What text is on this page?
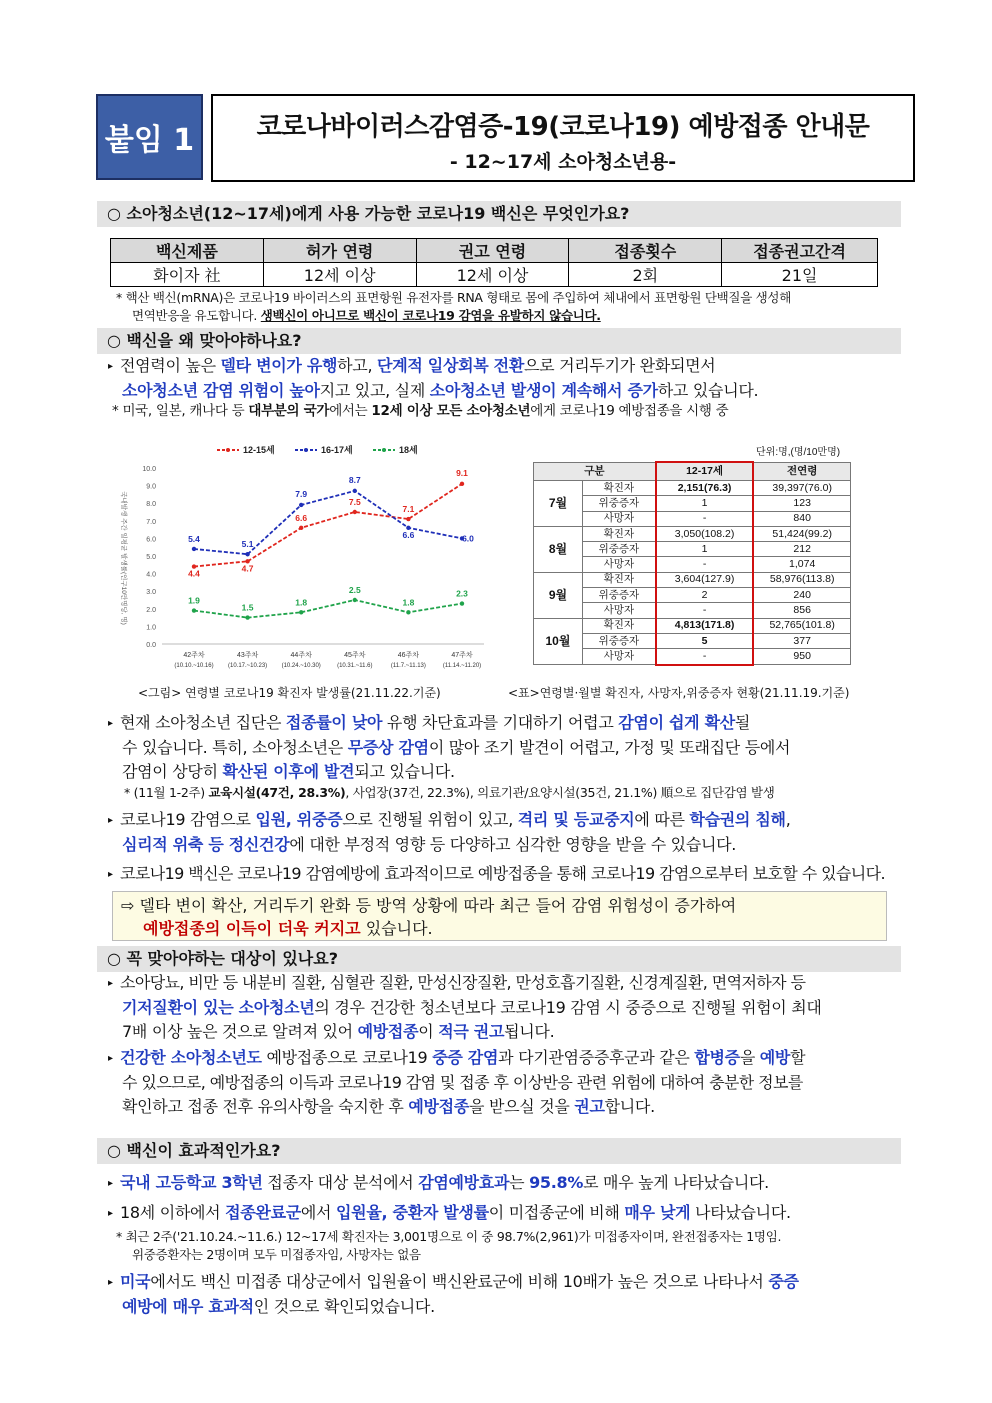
붙임 1	코로나바이러스감염증-19(코로나19) 예방접종 안내문
- 12~17세 소아청소년용-
○ 소아청소년(12~17세)에게 사용 가능한 코로나19 백신은 무엇인가요?
백신제품	허가 연령	권고 연령	접종횟수	접종권고간격
화이자 社	12세 이상	12세 이상	2회	21일
* 핵산 백신(mRNA)은 코로나19 바이러스의 표면항원 유전자를 RNA 형태로 몸에 주입하여 체내에서 표면항원 단백질을 생성해
면역반응을 유도합니다. 생백신이 아니므로 백신이 코로나19 감염을 유발하지 않습니다.
○ 백신을 왜 맞아야하나요?
▸ 전염력이 높은 델타 변이가 유행하고, 단계적 일상회복 전환으로 거리두기가 완화되면서
소아청소년 감염 위험이 높아지고 있고, 실제 소아청소년 발생이 계속해서 증가하고 있습니다.
* 미국, 일본, 캐나다 등 대부분의 국가에서는 12세 이상 모든 소아청소년에게 코로나19 예방접종을 시행 중
0.0
1.0
2.0
3.0
4.0
5.0
6.0
7.0
8.0
9.0
10.0
국내발생 주간 일평균 발생률(인구10만명당, 명)
42주차
(10.10.~10.16)
43주차
(10.17.~10.23)
44주차
(10.24.~10.30)
45주차
(10.31.~11.6)
46주차
(11.7.~11.13)
47주차
(11.14.~11.20)
12-15세	16-17세	18세
4.4
4.7
6.6
7.5
7.1
9.1
5.4
5.1
7.9
8.7
6.6	6.0
1.9
1.5
1.8
2.5
1.8
2.3
<그림> 연령별 코로나19 확진자 발생률(21.11.22.기준)
단위:명,(명/10만명)
구분		12-17세	전연령
7월	확진자	2,151(76.3)	39,397(76.0)
	위중증자	1	123
	사망자	-	840
8월	확진자	3,050(108.2)	51,424(99.2)
	위중증자	1	212
	사망자	-	1,074
9월	확진자	3,604(127.9)	58,976(113.8)
	위중증자	2	240
	사망자	-	856
10월	확진자	4,813(171.8)	52,765(101.8)
	위중증자	5	377
	사망자	-	950
<표>연령별·월별 확진자, 사망자,위중증자 현황(21.11.19.기준)
▸ 현재 소아청소년 집단은 접종률이 낮아 유행 차단효과를 기대하기 어렵고 감염이 쉽게 확산될
수 있습니다. 특히, 소아청소년은 무증상 감염이 많아 조기 발견이 어렵고, 가정 및 또래집단 등에서
감염이 상당히 확산된 이후에 발견되고 있습니다.
* (11월 1-2주) 교육시설(47건, 28.3%), 사업장(37건, 22.3%), 의료기관/요양시설(35건, 21.1%) 順으로 집단감염 발생
▸ 코로나19 감염으로 입원, 위중증으로 진행될 위험이 있고, 격리 및 등교중지에 따른 학습권의 침해,
심리적 위축 등 정신건강에 대한 부정적 영향 등 다양하고 심각한 영향을 받을 수 있습니다.
▸ 코로나19 백신은 코로나19 감염예방에 효과적이므로 예방접종을 통해 코로나19 감염으로부터 보호할 수 있습니다.
⇨ 델타 변이 확산, 거리두기 완화 등 방역 상황에 따라 최근 들어 감염 위험성이 증가하여
예방접종의 이득이 더욱 커지고 있습니다.
○ 꼭 맞아야하는 대상이 있나요?
▸ 소아당뇨, 비만 등 내분비 질환, 심혈관 질환, 만성신장질환, 만성호흡기질환, 신경계질환, 면역저하자 등
기저질환이 있는 소아청소년의 경우 건강한 청소년보다 코로나19 감염 시 중증으로 진행될 위험이 최대
7배 이상 높은 것으로 알려져 있어 예방접종이 적극 권고됩니다.
▸ 건강한 소아청소년도 예방접종으로 코로나19 중증 감염과 다기관염증증후군과 같은 합병증을 예방할
수 있으므로, 예방접종의 이득과 코로나19 감염 및 접종 후 이상반응 관련 위험에 대하여 충분한 정보를
확인하고 접종 전후 유의사항을 숙지한 후 예방접종을 받으실 것을 권고합니다.
○ 백신이 효과적인가요?
▸ 국내 고등학교 3학년 접종자 대상 분석에서 감염예방효과는 95.8%로 매우 높게 나타났습니다.
▸ 18세 이하에서 접종완료군에서 입원율, 중환자 발생률이 미접종군에 비해 매우 낮게 나타났습니다.
* 최근 2주('21.10.24.~11.6.) 12~17세 확진자는 3,001명으로 이 중 98.7%(2,961)가 미접종자이며, 완전접종자는 1명임.
위중증환자는 2명이며 모두 미접종자임, 사망자는 없음
▸ 미국에서도 백신 미접종 대상군에서 입원율이 백신완료군에 비해 10배가 높은 것으로 나타나서 중증
예방에 매우 효과적인 것으로 확인되었습니다.
